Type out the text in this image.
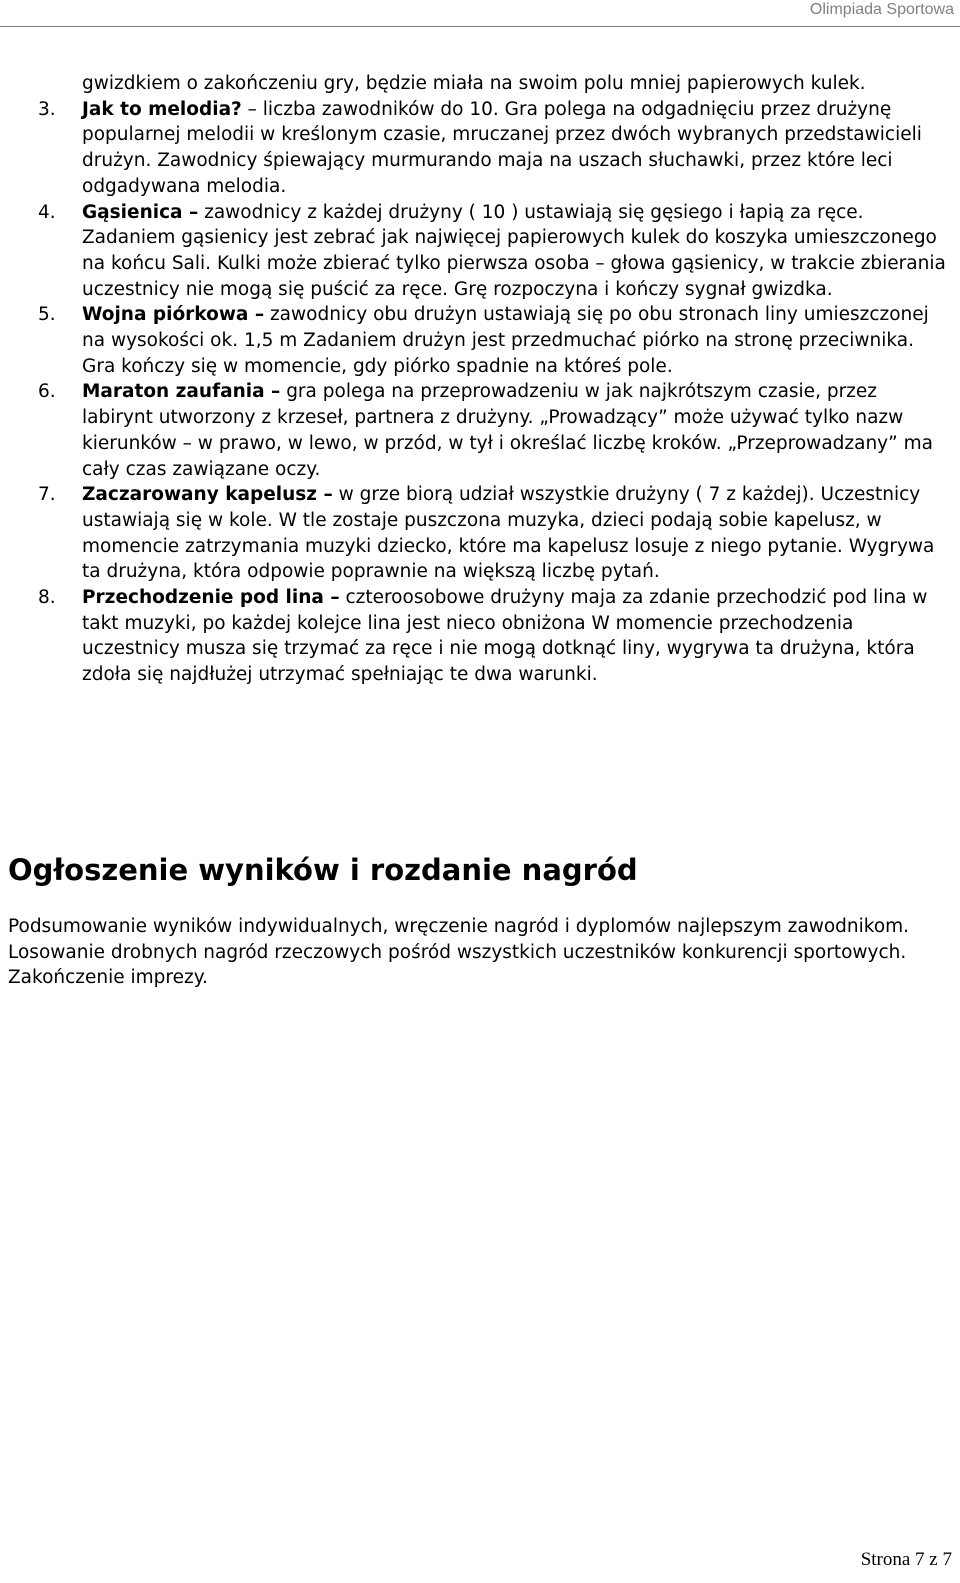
Olimpiada Sportowa

gwizdkiem o zakończeniu gry, będzie miała na swoim polu mniej papierowych kulek.

3.	Jak to melodia? – liczba zawodników do 10. Gra polega na odgadnięciu przez drużynę popularnej melodii w kreślonym czasie, mruczanej przez dwóch wybranych przedstawicieli drużyn. Zawodnicy śpiewający murmurando maja na uszach słuchawki, przez które leci odgadywana melodia.
4.	Gąsienica – zawodnicy z każdej drużyny ( 10 ) ustawiają się gęsiego i łapią za ręce. Zadaniem gąsienicy jest zebrać jak najwięcej papierowych kulek do koszyka umieszczonego na końcu Sali. Kulki może zbierać tylko pierwsza osoba – głowa gąsienicy, w trakcie zbierania uczestnicy nie mogą się puścić za ręce. Grę rozpoczyna i kończy sygnał gwizdka.
5.	Wojna piórkowa – zawodnicy obu drużyn ustawiają się po obu stronach liny umieszczonej na wysokości ok. 1,5 m Zadaniem drużyn jest przedmuchać piórko na stronę przeciwnika. Gra kończy się w momencie, gdy piórko spadnie na któreś pole.
6.	Maraton zaufania – gra polega na przeprowadzeniu w jak najkrótszym czasie, przez labirynt utworzony z krzeseł, partnera z drużyny. „Prowadzący” może używać tylko nazw kierunków – w prawo, w lewo, w przód, w tył i określać liczbę kroków. „Przeprowadzany” ma cały czas zawiązane oczy.
7.	Zaczarowany kapelusz – w grze biorą udział wszystkie drużyny ( 7 z każdej). Uczestnicy ustawiają się w kole. W tle zostaje puszczona muzyka, dzieci podają sobie kapelusz, w momencie zatrzymania muzyki dziecko, które ma kapelusz losuje z niego pytanie. Wygrywa ta drużyna, która odpowie poprawnie na większą liczbę pytań.
8.	Przechodzenie pod lina – czteroosobowe drużyny maja za zdanie przechodzić pod lina w takt muzyki, po każdej kolejce lina jest nieco obniżona W momencie przechodzenia uczestnicy musza się trzymać za ręce i nie mogą dotknąć liny, wygrywa ta drużyna, która zdoła się najdłużej utrzymać spełniając te dwa warunki.
Ogłoszenie wyników i rozdanie nagród

Podsumowanie wyników indywidualnych, wręczenie nagród i dyplomów najlepszym zawodnikom. Losowanie drobnych nagród rzeczowych pośród wszystkich uczestników konkurencji sportowych. Zakończenie imprezy.

Strona 7 z 7
